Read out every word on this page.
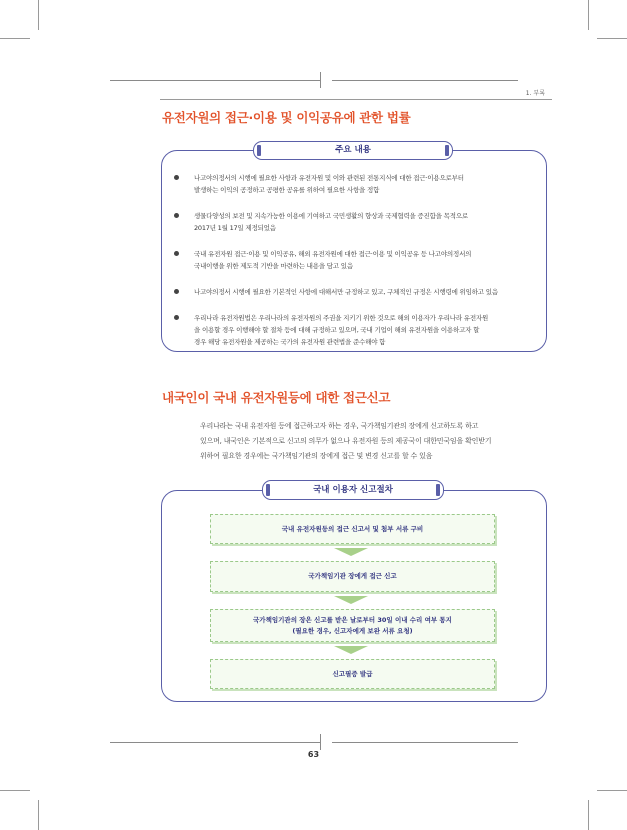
1. 부록
유전자원의 접근·이용 및 이익공유에 관한 법률
주요 내용
나고야의정서의 시행에 필요한 사항과 유전자원 및 이와 관련된 전통지식에 대한 접근·이용으로부터
발생하는 이익의 공정하고 공평한 공유를 위하여 필요한 사항을 정함
생물다양성의 보전 및 지속가능한 이용에 기여하고 국민생활의 향상과 국제협력을 증진함을 목적으로
2017년 1월 17일 제정되었음
국내 유전자원 접근·이용 및 이익공유, 해외 유전자원에 대한 접근·이용 및 이익공유 등 나고야의정서의
국내이행을 위한 제도적 기반을 마련하는 내용을 담고 있음
나고야의정서 시행에 필요한 기본적인 사항에 대해서만 규정하고 있고, 구체적인 규정은 시행령에 위임하고 있음
우리나라 유전자원법은 우리나라의 유전자원의 주권을 지키기 위한 것으로 해외 이용자가 우리나라 유전자원
을 이용할 경우 이행해야 할 절차 등에 대해 규정하고 있으며, 국내 기업이 해외 유전자원을 이용하고자 할
경우 해당 유전자원을 제공하는 국가의 유전자원 관련법을 준수해야 함
내국인이 국내 유전자원등에 대한 접근신고
우리나라는 국내 유전자원 등에 접근하고자 하는 경우, 국가책임기관의 장에게 신고하도록 하고
있으며, 내국인은 기본적으로 신고의 의무가 없으나 유전자원 등의 제공국이 대한민국임을 확인받기
위하여 필요한 경우에는 국가책임기관의 장에게 접근 및 변경 신고를 할 수 있음
국내 이용자 신고절차
국내 유전자원등의 접근 신고서 및 첨부 서류 구비
국가책임기관 장에게 접근 신고
국가책임기관의 장은 신고를 받은 날로부터 30일 이내 수리 여부 통지
(필요한 경우, 신고자에게 보완 서류 요청)
신고필증 발급
63
